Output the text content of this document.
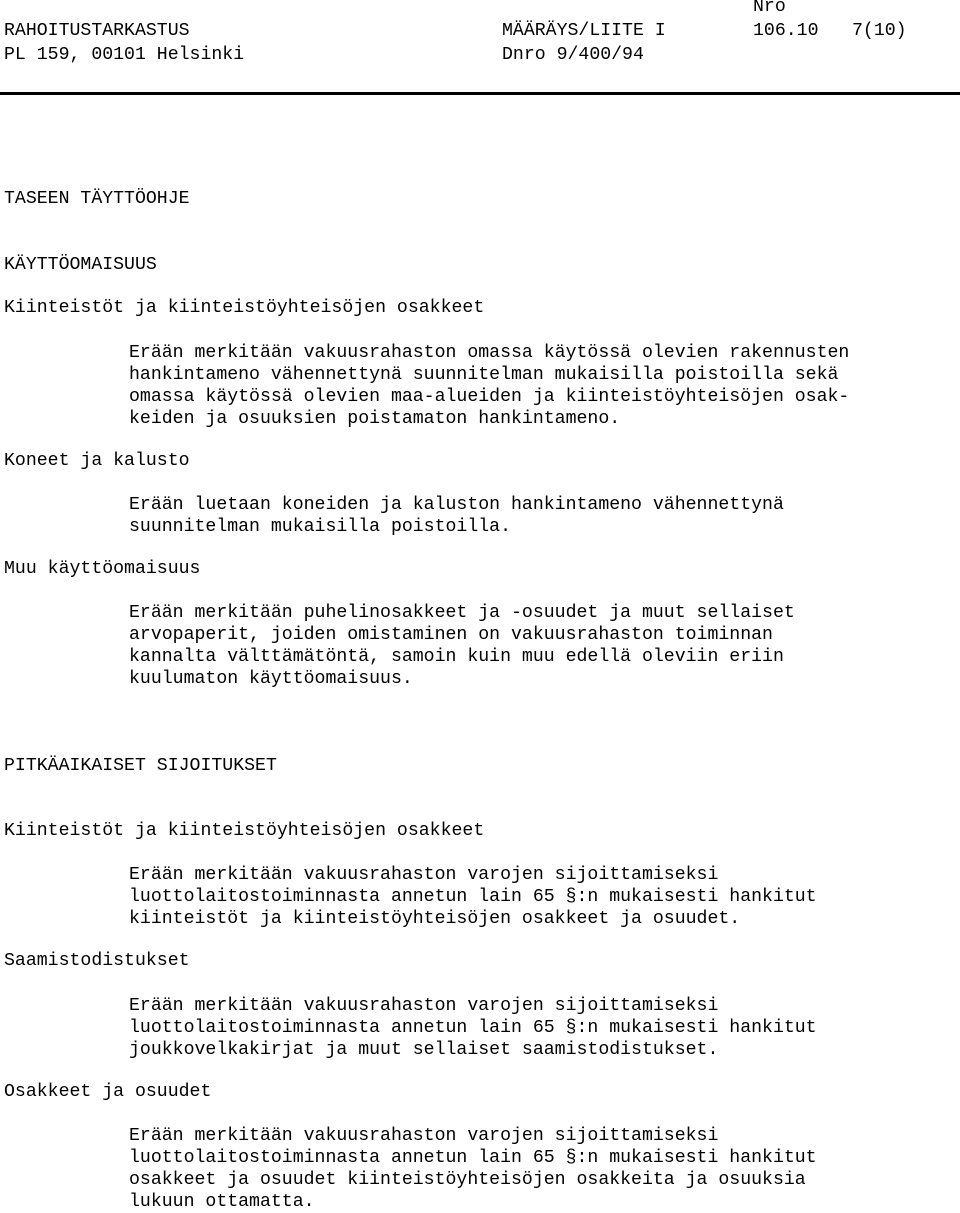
Nro
RAHOITUSTARKASTUS	MÄÄRÄYS/LIITE I	106.10 7(10)
PL 159, 00101 Helsinki	Dnro 9/400/94
TASEEN TÄYTTÖOHJE
KÄYTTÖOMAISUUS
Kiinteistöt ja kiinteistöyhteisöjen osakkeet

Erään merkitään vakuusrahaston omassa käytössä olevien rakennusten
hankintameno vähennettynä suunnitelman mukaisilla poistoilla sekä
omassa käytössä olevien maa-alueiden ja kiinteistöyhteisöjen osak-
keiden ja osuuksien poistamaton hankintameno.

Koneet ja kalusto

Erään luetaan koneiden ja kaluston hankintameno vähennettynä
suunnitelman mukaisilla poistoilla.

Muu käyttöomaisuus

Erään merkitään puhelinosakkeet ja -osuudet ja muut sellaiset
arvopaperit, joiden omistaminen on vakuusrahaston toiminnan
kannalta välttämätöntä, samoin kuin muu edellä oleviin eriin
kuulumaton käyttöomaisuus.

PITKÄAIKAISET SIJOITUKSET
Kiinteistöt ja kiinteistöyhteisöjen osakkeet

Erään merkitään vakuusrahaston varojen sijoittamiseksi
luottolaitostoiminnasta annetun lain 65 §:n mukaisesti hankitut
kiinteistöt ja kiinteistöyhteisöjen osakkeet ja osuudet.

Saamistodistukset

Erään merkitään vakuusrahaston varojen sijoittamiseksi
luottolaitostoiminnasta annetun lain 65 §:n mukaisesti hankitut
joukkovelkakirjat ja muut sellaiset saamistodistukset.

Osakkeet ja osuudet

Erään merkitään vakuusrahaston varojen sijoittamiseksi
luottolaitostoiminnasta annetun lain 65 §:n mukaisesti hankitut
osakkeet ja osuudet kiinteistöyhteisöjen osakkeita ja osuuksia
lukuun ottamatta.
